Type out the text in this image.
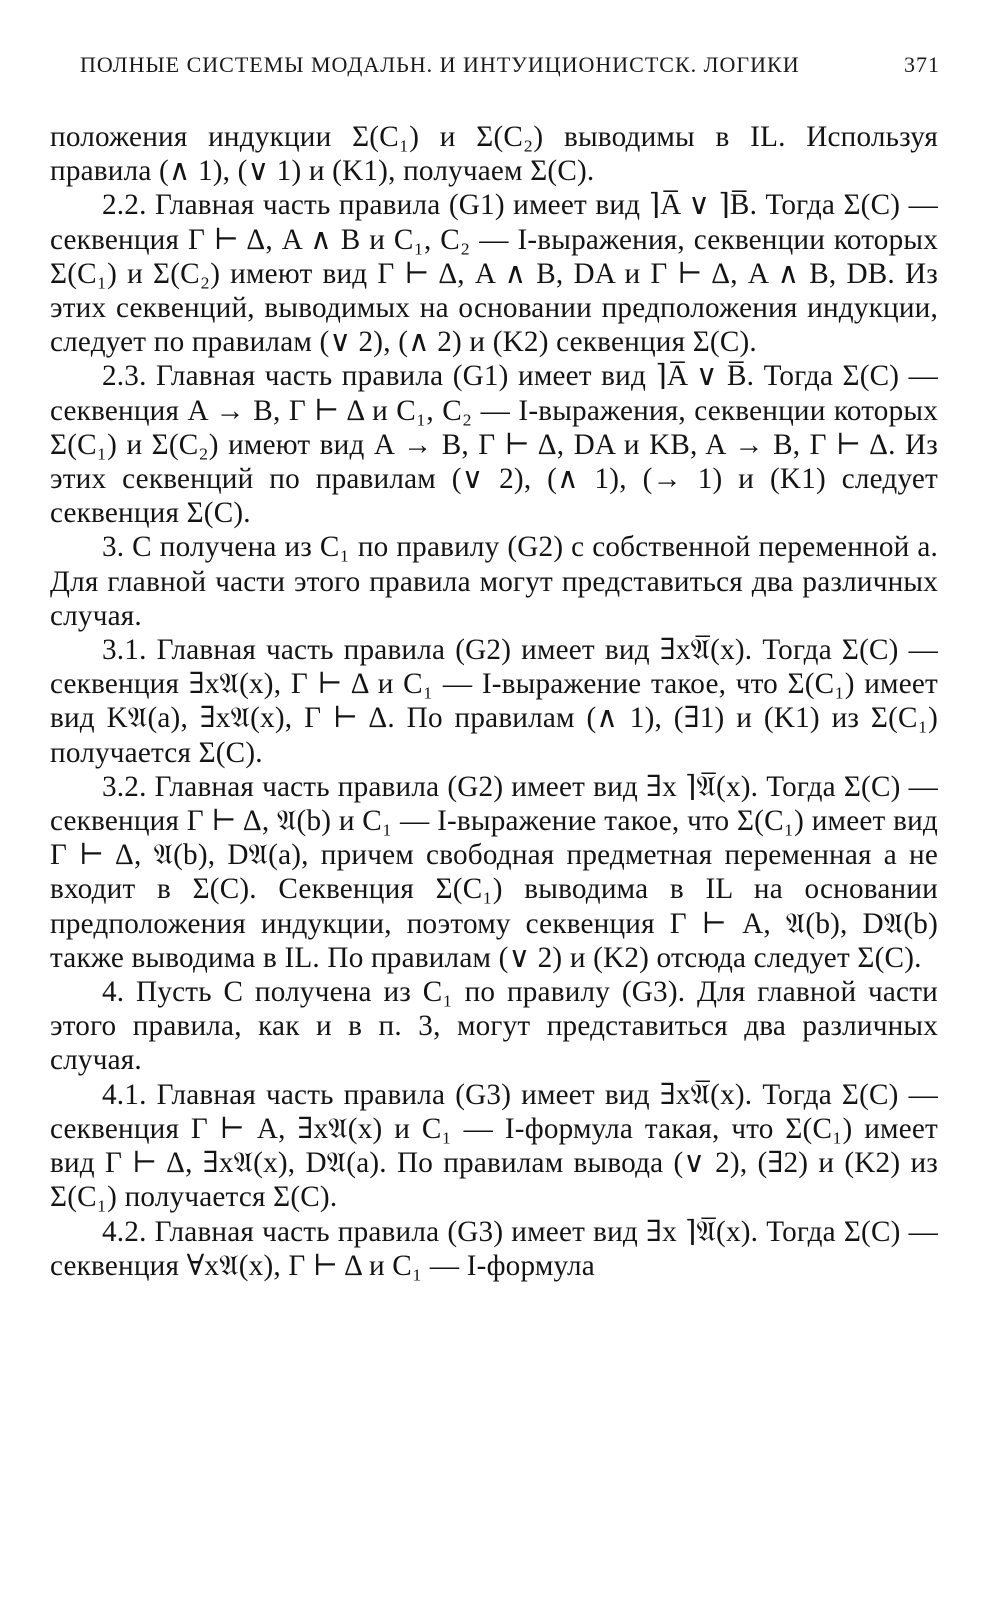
ПОЛНЫЕ СИСТЕМЫ МОДАЛЬН. И ИНТУИЦИОНИСТСК. ЛОГИКИ	371

положения индукции Σ(C₁) и Σ(C₂) выводимы в IL. Используя правила (∧ 1), (∨ 1) и (K1), получаем Σ(C).

2.2. Главная часть правила (G1) имеет вид ⌉A̅ ∨ ⌉B̅. Тогда Σ(C) — секвенция Γ ⊢ Δ, A ∧ B и C₁, C₂ — I-выражения, секвенции которых Σ(C₁) и Σ(C₂) имеют вид Γ ⊢ Δ, A ∧ B, DA и Γ ⊢ Δ, A ∧ B, DB. Из этих секвенций, выводимых на основании предположения индукции, следует по правилам (∨ 2), (∧ 2) и (K2) секвенция Σ(C).

2.3. Главная часть правила (G1) имеет вид ⌉A̅ ∨ B̅. Тогда Σ(C) — секвенция A → B, Γ ⊢ Δ и C₁, C₂ — I-выражения, секвенции которых Σ(C₁) и Σ(C₂) имеют вид A → B, Γ ⊢ Δ, DA и KB, A → B, Γ ⊢ Δ. Из этих секвенций по правилам (∨ 2), (∧ 1), (→ 1) и (K1) следует секвенция Σ(C).

3. C получена из C₁ по правилу (G2) с собственной переменной a. Для главной части этого правила могут представиться два различных случая.

3.1. Главная часть правила (G2) имеет вид ∃x𝔄̅(x). Тогда Σ(C) — секвенция ∃x𝔄(x), Γ ⊢ Δ и C₁ — I-выражение такое, что Σ(C₁) имеет вид K𝔄(a), ∃x𝔄(x), Γ ⊢ Δ. По правилам (∧ 1), (∃1) и (K1) из Σ(C₁) получается Σ(C).

3.2. Главная часть правила (G2) имеет вид ∃x ⌉𝔄̅(x). Тогда Σ(C) — секвенция Γ ⊢ Δ, 𝔄(b) и C₁ — I-выражение такое, что Σ(C₁) имеет вид Γ ⊢ Δ, 𝔄(b), D𝔄(a), причем свободная предметная переменная a не входит в Σ(C). Секвенция Σ(C₁) выводима в IL на основании предположения индукции, поэтому секвенция Γ ⊢ A, 𝔄(b), D𝔄(b) также выводима в IL. По правилам (∨ 2) и (K2) отсюда следует Σ(C).

4. Пусть C получена из C₁ по правилу (G3). Для главной части этого правила, как и в п. 3, могут представиться два различных случая.

4.1. Главная часть правила (G3) имеет вид ∃x𝔄̅(x). Тогда Σ(C) — секвенция Γ ⊢ A, ∃x𝔄(x) и C₁ — I-формула такая, что Σ(C₁) имеет вид Γ ⊢ Δ, ∃x𝔄(x), D𝔄(a). По правилам вывода (∨ 2), (∃2) и (K2) из Σ(C₁) получается Σ(C).

4.2. Главная часть правила (G3) имеет вид ∃x ⌉𝔄̅(x). Тогда Σ(C) — секвенция ∀x𝔄(x), Γ ⊢ Δ и C₁ — I-формула
